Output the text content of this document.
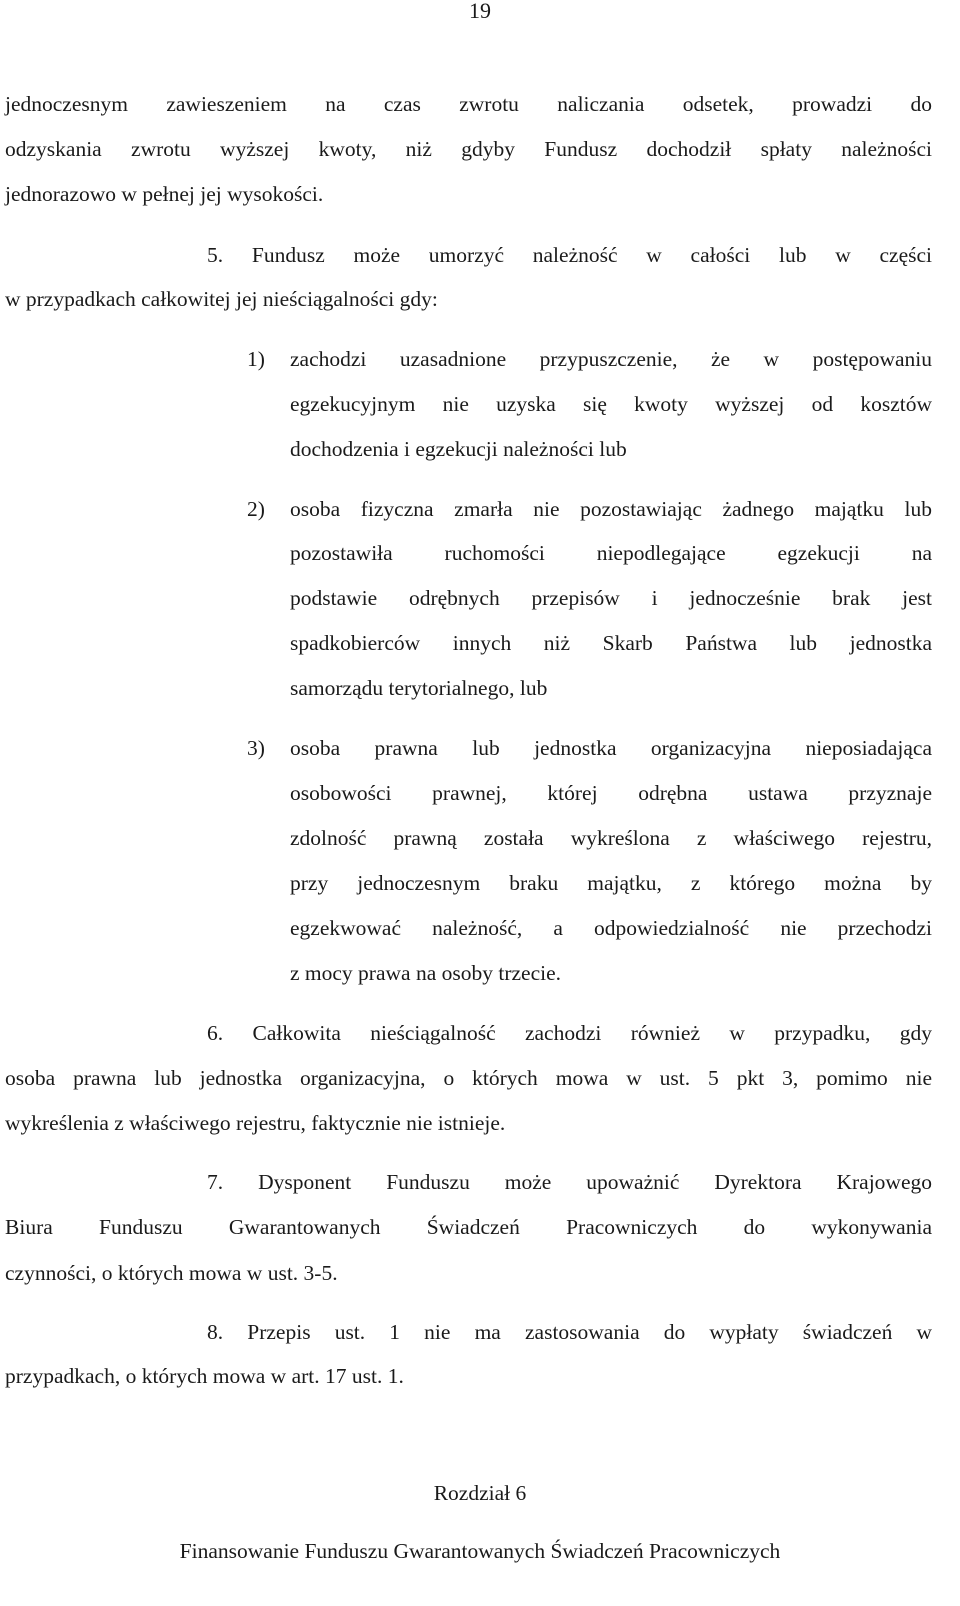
19
jednoczesnym zawieszeniem na czas zwrotu naliczania odsetek, prowadzi do
odzyskania zwrotu wyższej kwoty, niż gdyby Fundusz dochodził spłaty należności
jednorazowo w pełnej jej wysokości.
5. Fundusz może umorzyć należność w całości lub w części
w przypadkach całkowitej jej nieściągalności gdy:
1)	zachodzi uzasadnione przypuszczenie, że w postępowaniu
egzekucyjnym nie uzyska się kwoty wyższej od kosztów
dochodzenia i egzekucji należności lub
2)	osoba fizyczna zmarła nie pozostawiając żadnego majątku lub
pozostawiła ruchomości niepodlegające egzekucji na
podstawie odrębnych przepisów i jednocześnie brak jest
spadkobierców innych niż Skarb Państwa lub jednostka
samorządu terytorialnego, lub
3)	osoba prawna lub jednostka organizacyjna nieposiadająca
osobowości prawnej, której odrębna ustawa przyznaje
zdolność prawną została wykreślona z właściwego rejestru,
przy jednoczesnym braku majątku, z którego można by
egzekwować należność, a odpowiedzialność nie przechodzi
z mocy prawa na osoby trzecie.
6. Całkowita nieściągalność zachodzi również w przypadku, gdy
osoba prawna lub jednostka organizacyjna, o których mowa w ust. 5 pkt 3, pomimo nie
wykreślenia z właściwego rejestru, faktycznie nie istnieje.
7. Dysponent Funduszu może upoważnić Dyrektora Krajowego
Biura Funduszu Gwarantowanych Świadczeń Pracowniczych do wykonywania
czynności, o których mowa w ust. 3-5.
8. Przepis ust. 1 nie ma zastosowania do wypłaty świadczeń w
przypadkach, o których mowa w art. 17 ust. 1.
Rozdział 6
Finansowanie Funduszu Gwarantowanych Świadczeń Pracowniczych
